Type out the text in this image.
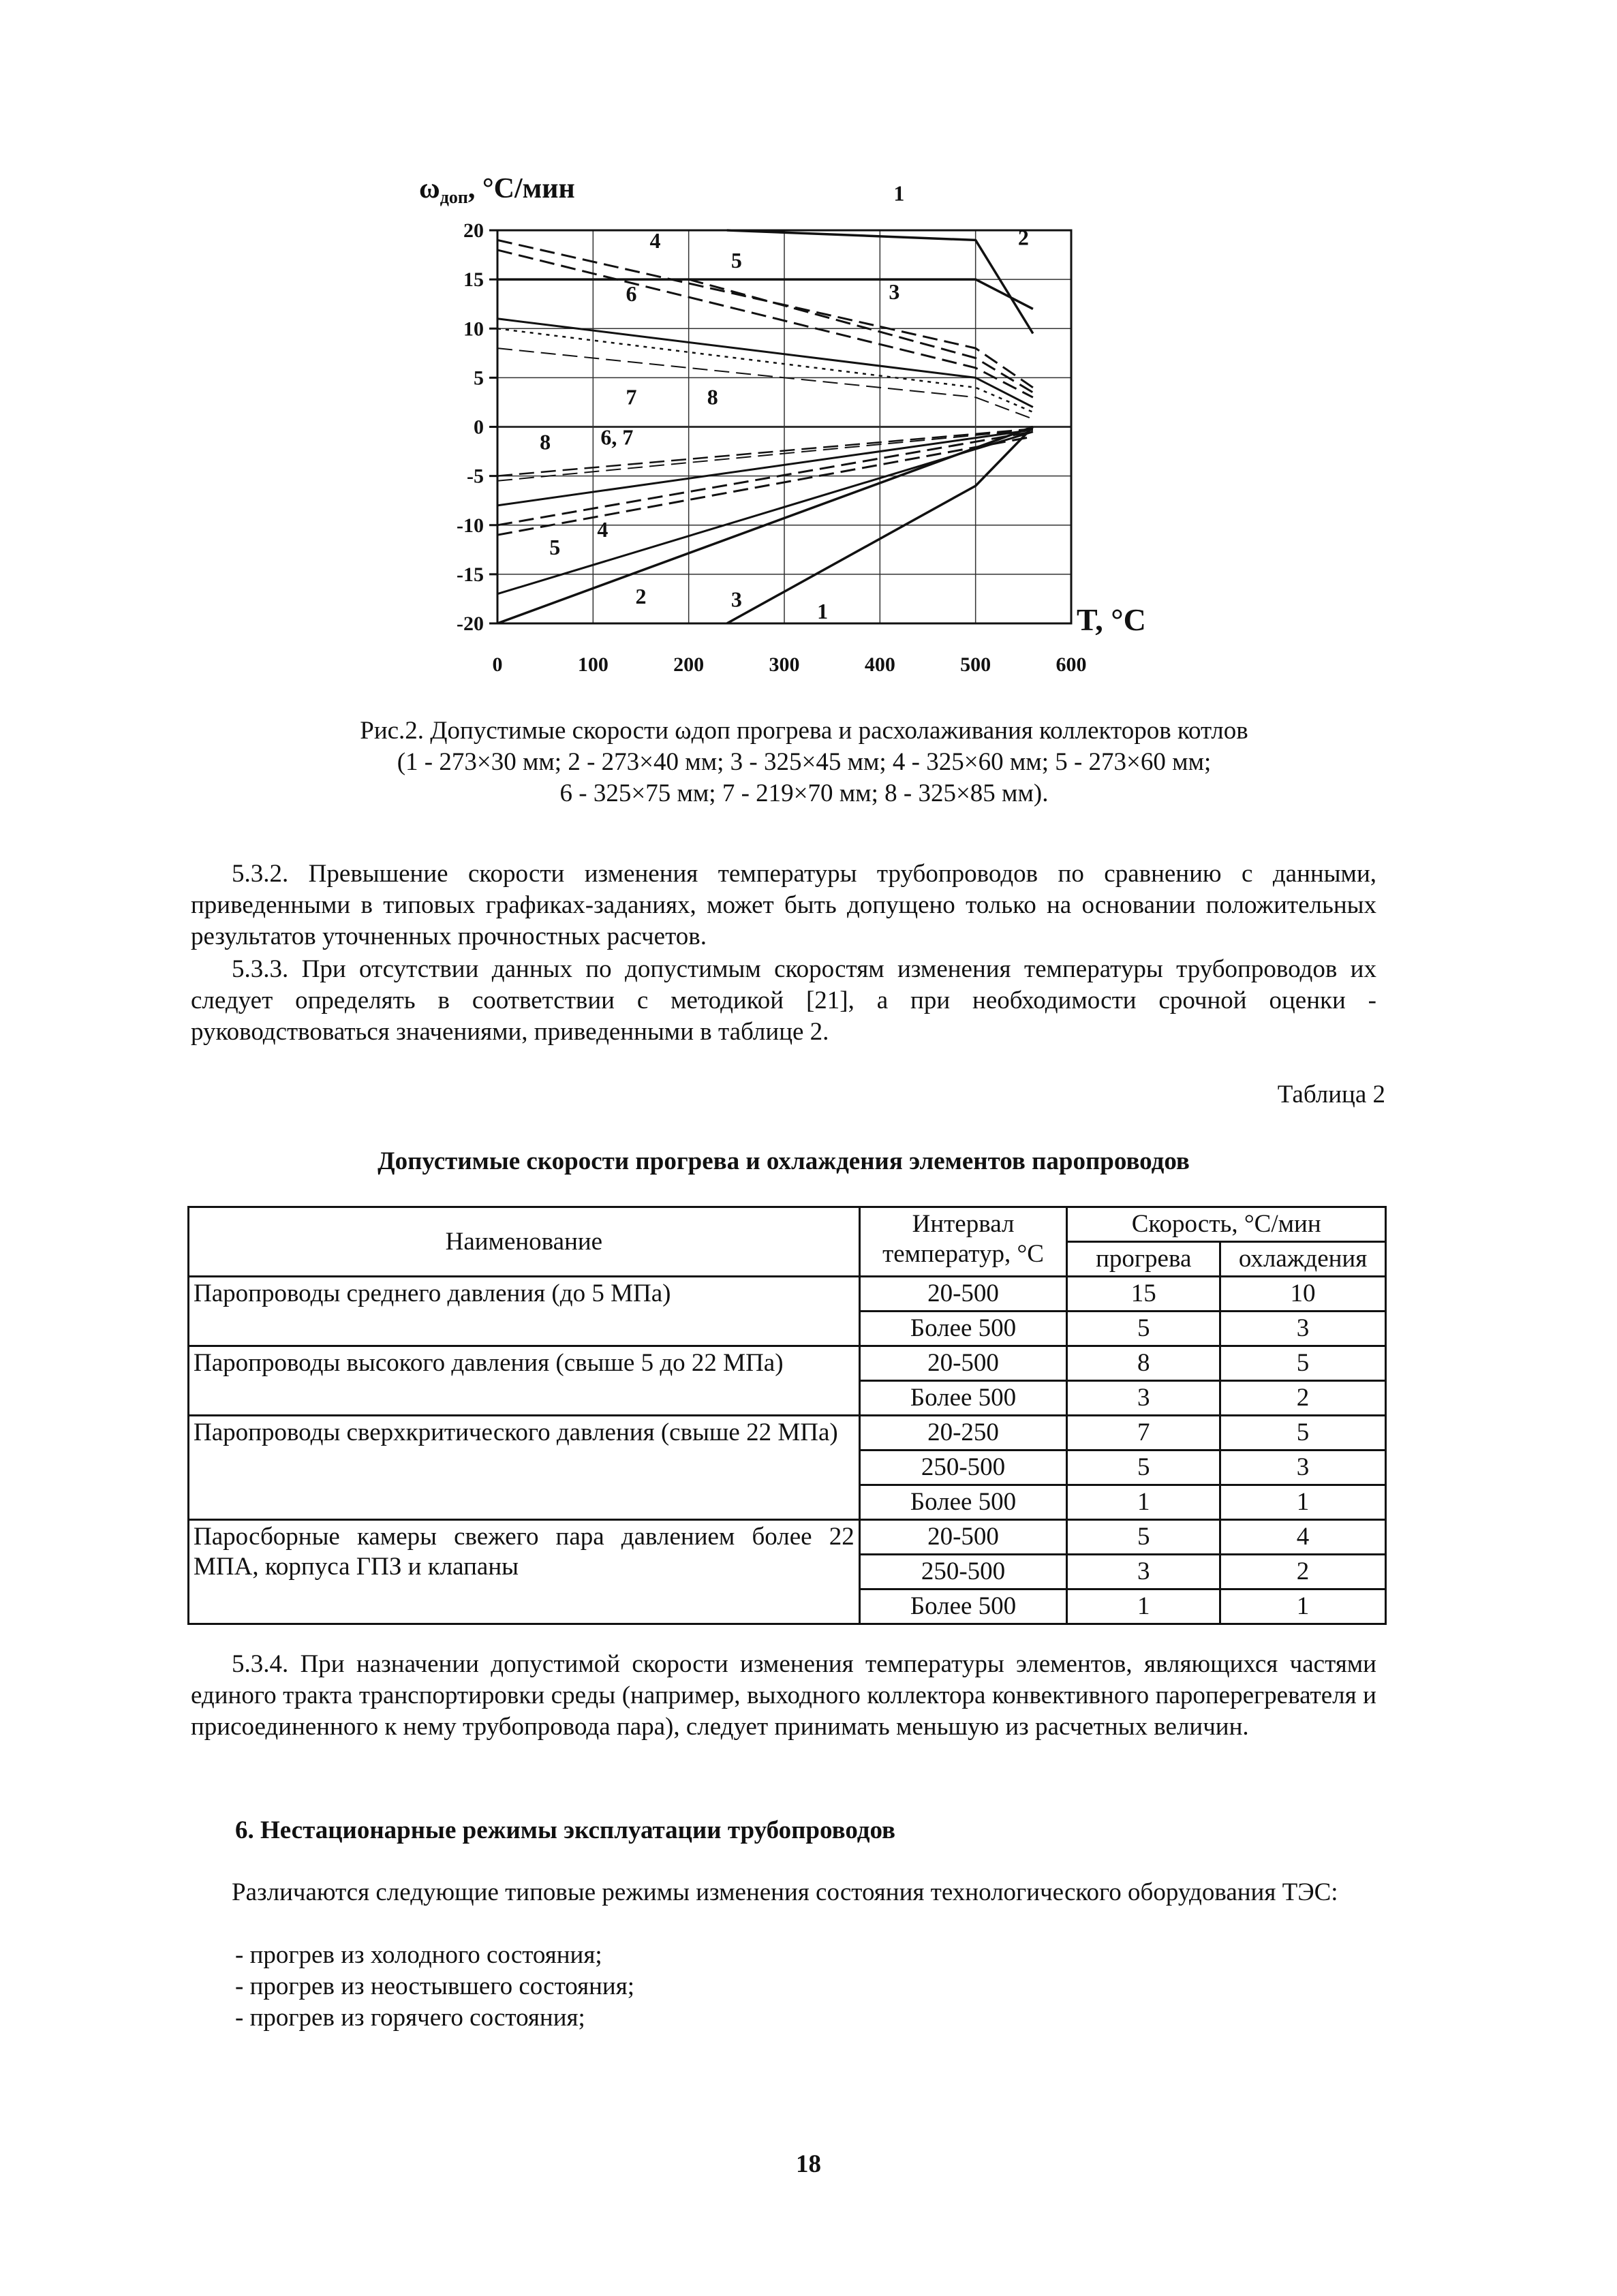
1
2
3
4
5
6
7	8
8 6, 7
4
5
2	3	1
0	100	200	300	400	500	600
20
15
10
5
0
-5
-10
-15
-20
ωдоп, °C/мин
T, °C
Рис.2. Допустимые скорости ωдоп прогрева и расхолаживания коллекторов котлов
(1 - 273×30 мм; 2 - 273×40 мм; 3 - 325×45 мм; 4 - 325×60 мм; 5 - 273×60 мм;
6 - 325×75 мм; 7 - 219×70 мм; 8 - 325×85 мм).
5.3.2. Превышение скорости изменения температуры трубопроводов по сравнению с данными, приведенными в типовых графиках-заданиях, может быть допущено только на основании положительных результатов уточненных прочностных расчетов.
5.3.3. При отсутствии данных по допустимым скоростям изменения температуры трубопроводов их следует определять в соответствии с методикой [21], а при необходимости срочной оценки - руководствоваться значениями, приведенными в таблице 2.
Таблица 2
Допустимые скорости прогрева и охлаждения элементов паропроводов
Наименование	Интервал температур, °C	Скорость, °C/мин	
		прогрева	охлаждения
Паропроводы среднего давления (до 5 МПа)	20-500	15	10
	Более 500	5	3
Паропроводы высокого давления (свыше 5 до 22 МПа)	20-500	8	5
	Более 500	3	2
Паропроводы сверхкритического давления (свыше 22 МПа)	20-250	7	5
	250-500	5	3
	Более 500	1	1
Паросборные камеры свежего пара давлением более 22 МПА, корпуса ГПЗ и клапаны	20-500	5	4
	250-500	3	2
	Более 500	1	1
5.3.4. При назначении допустимой скорости изменения температуры элементов, являющихся частями единого тракта транспортировки среды (например, выходного коллектора конвективного пароперегревателя и присоединенного к нему трубопровода пара), следует принимать меньшую из расчетных величин.
6. Нестационарные режимы эксплуатации трубопроводов
Различаются следующие типовые режимы изменения состояния технологического оборудования ТЭС:
- прогрев из холодного состояния;
- прогрев из неостывшего состояния;
- прогрев из горячего состояния;
18
